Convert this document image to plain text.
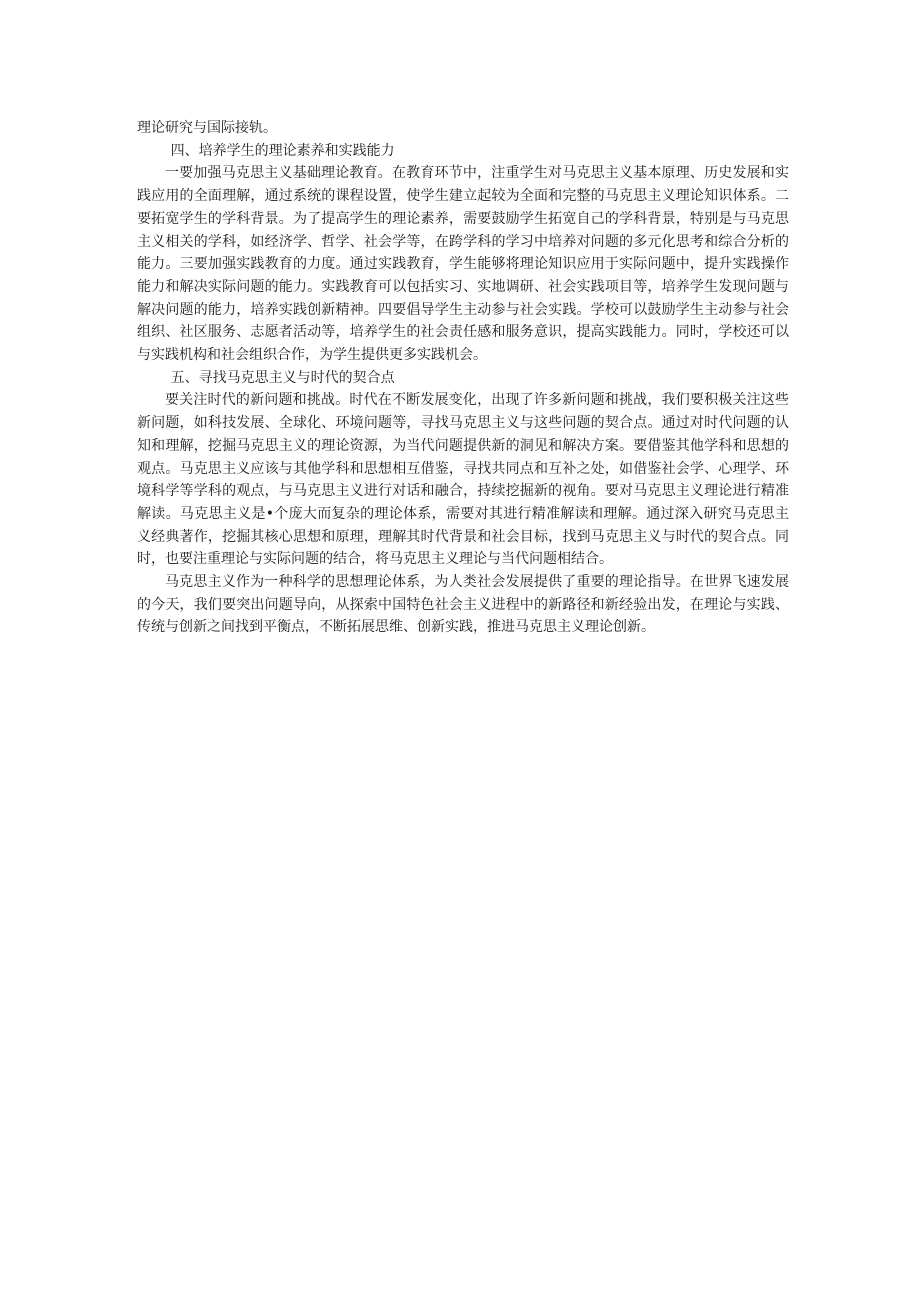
理论研究与国际接轨。

四、培养学生的理论素养和实践能力

一要加强马克思主义基础理论教育。在教育环节中，注重学生对马克思主义基本原理、历史发展和实践应用的全面理解，通过系统的课程设置，使学生建立起较为全面和完整的马克思主义理论知识体系。二要拓宽学生的学科背景。为了提高学生的理论素养，需要鼓励学生拓宽自己的学科背景，特别是与马克思主义相关的学科，如经济学、哲学、社会学等，在跨学科的学习中培养对问题的多元化思考和综合分析的能力。三要加强实践教育的力度。通过实践教育，学生能够将理论知识应用于实际问题中，提升实践操作能力和解决实际问题的能力。实践教育可以包括实习、实地调研、社会实践项目等，培养学生发现问题与解决问题的能力，培养实践创新精神。四要倡导学生主动参与社会实践。学校可以鼓励学生主动参与社会组织、社区服务、志愿者活动等，培养学生的社会责任感和服务意识，提高实践能力。同时，学校还可以与实践机构和社会组织合作，为学生提供更多实践机会。

五、寻找马克思主义与时代的契合点

要关注时代的新问题和挑战。时代在不断发展变化，出现了许多新问题和挑战，我们要积极关注这些新问题，如科技发展、全球化、环境问题等，寻找马克思主义与这些问题的契合点。通过对时代问题的认知和理解，挖掘马克思主义的理论资源，为当代问题提供新的洞见和解决方案。要借鉴其他学科和思想的观点。马克思主义应该与其他学科和思想相互借鉴，寻找共同点和互补之处，如借鉴社会学、心理学、环境科学等学科的观点，与马克思主义进行对话和融合，持续挖掘新的视角。要对马克思主义理论进行精准解读。马克思主义是•个庞大而复杂的理论体系，需要对其进行精准解读和理解。通过深入研究马克思主义经典著作，挖掘其核心思想和原理，理解其时代背景和社会目标，找到马克思主义与时代的契合点。同时，也要注重理论与实际问题的结合，将马克思主义理论与当代问题相结合。

马克思主义作为一种科学的思想理论体系，为人类社会发展提供了重要的理论指导。在世界飞速发展的今天，我们要突出问题导向，从探索中国特色社会主义进程中的新路径和新经验出发，在理论与实践、传统与创新之间找到平衡点，不断拓展思维、创新实践，推进马克思主义理论创新。
